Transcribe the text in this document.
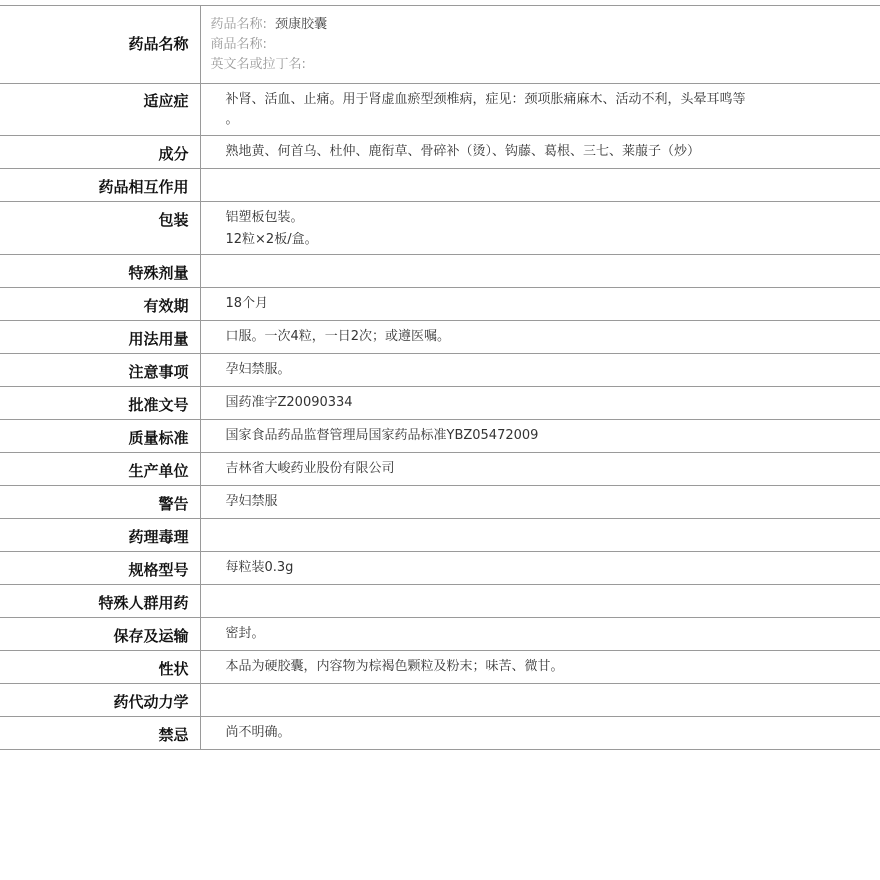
药品名称	药品名称: 颈康胶囊
商品名称:
英文名或拉丁名:

适应症	补肾、活血、止痛。用于肾虚血瘀型颈椎病，症见：颈项胀痛麻木、活动不利，头晕耳鸣等
。

成分	熟地黄、何首乌、杜仲、鹿衔草、骨碎补（烫）、钩藤、葛根、三七、莱菔子（炒）

药品相互作用	
包装	铝塑板包装。
12粒×2板/盒。

特殊剂量	
有效期	18个月

用法用量	口服。一次4粒，一日2次；或遵医嘱。

注意事项	孕妇禁服。

批准文号	国药准字Z20090334

质量标准	国家食品药品监督管理局国家药品标准YBZ05472009

生产单位	吉林省大峻药业股份有限公司

警告	孕妇禁服

药理毒理	
规格型号	每粒装0.3g

特殊人群用药	
保存及运输	密封。

性状	本品为硬胶囊，内容物为棕褐色颗粒及粉末；味苦、微甘。

药代动力学	
禁忌	尚不明确。
